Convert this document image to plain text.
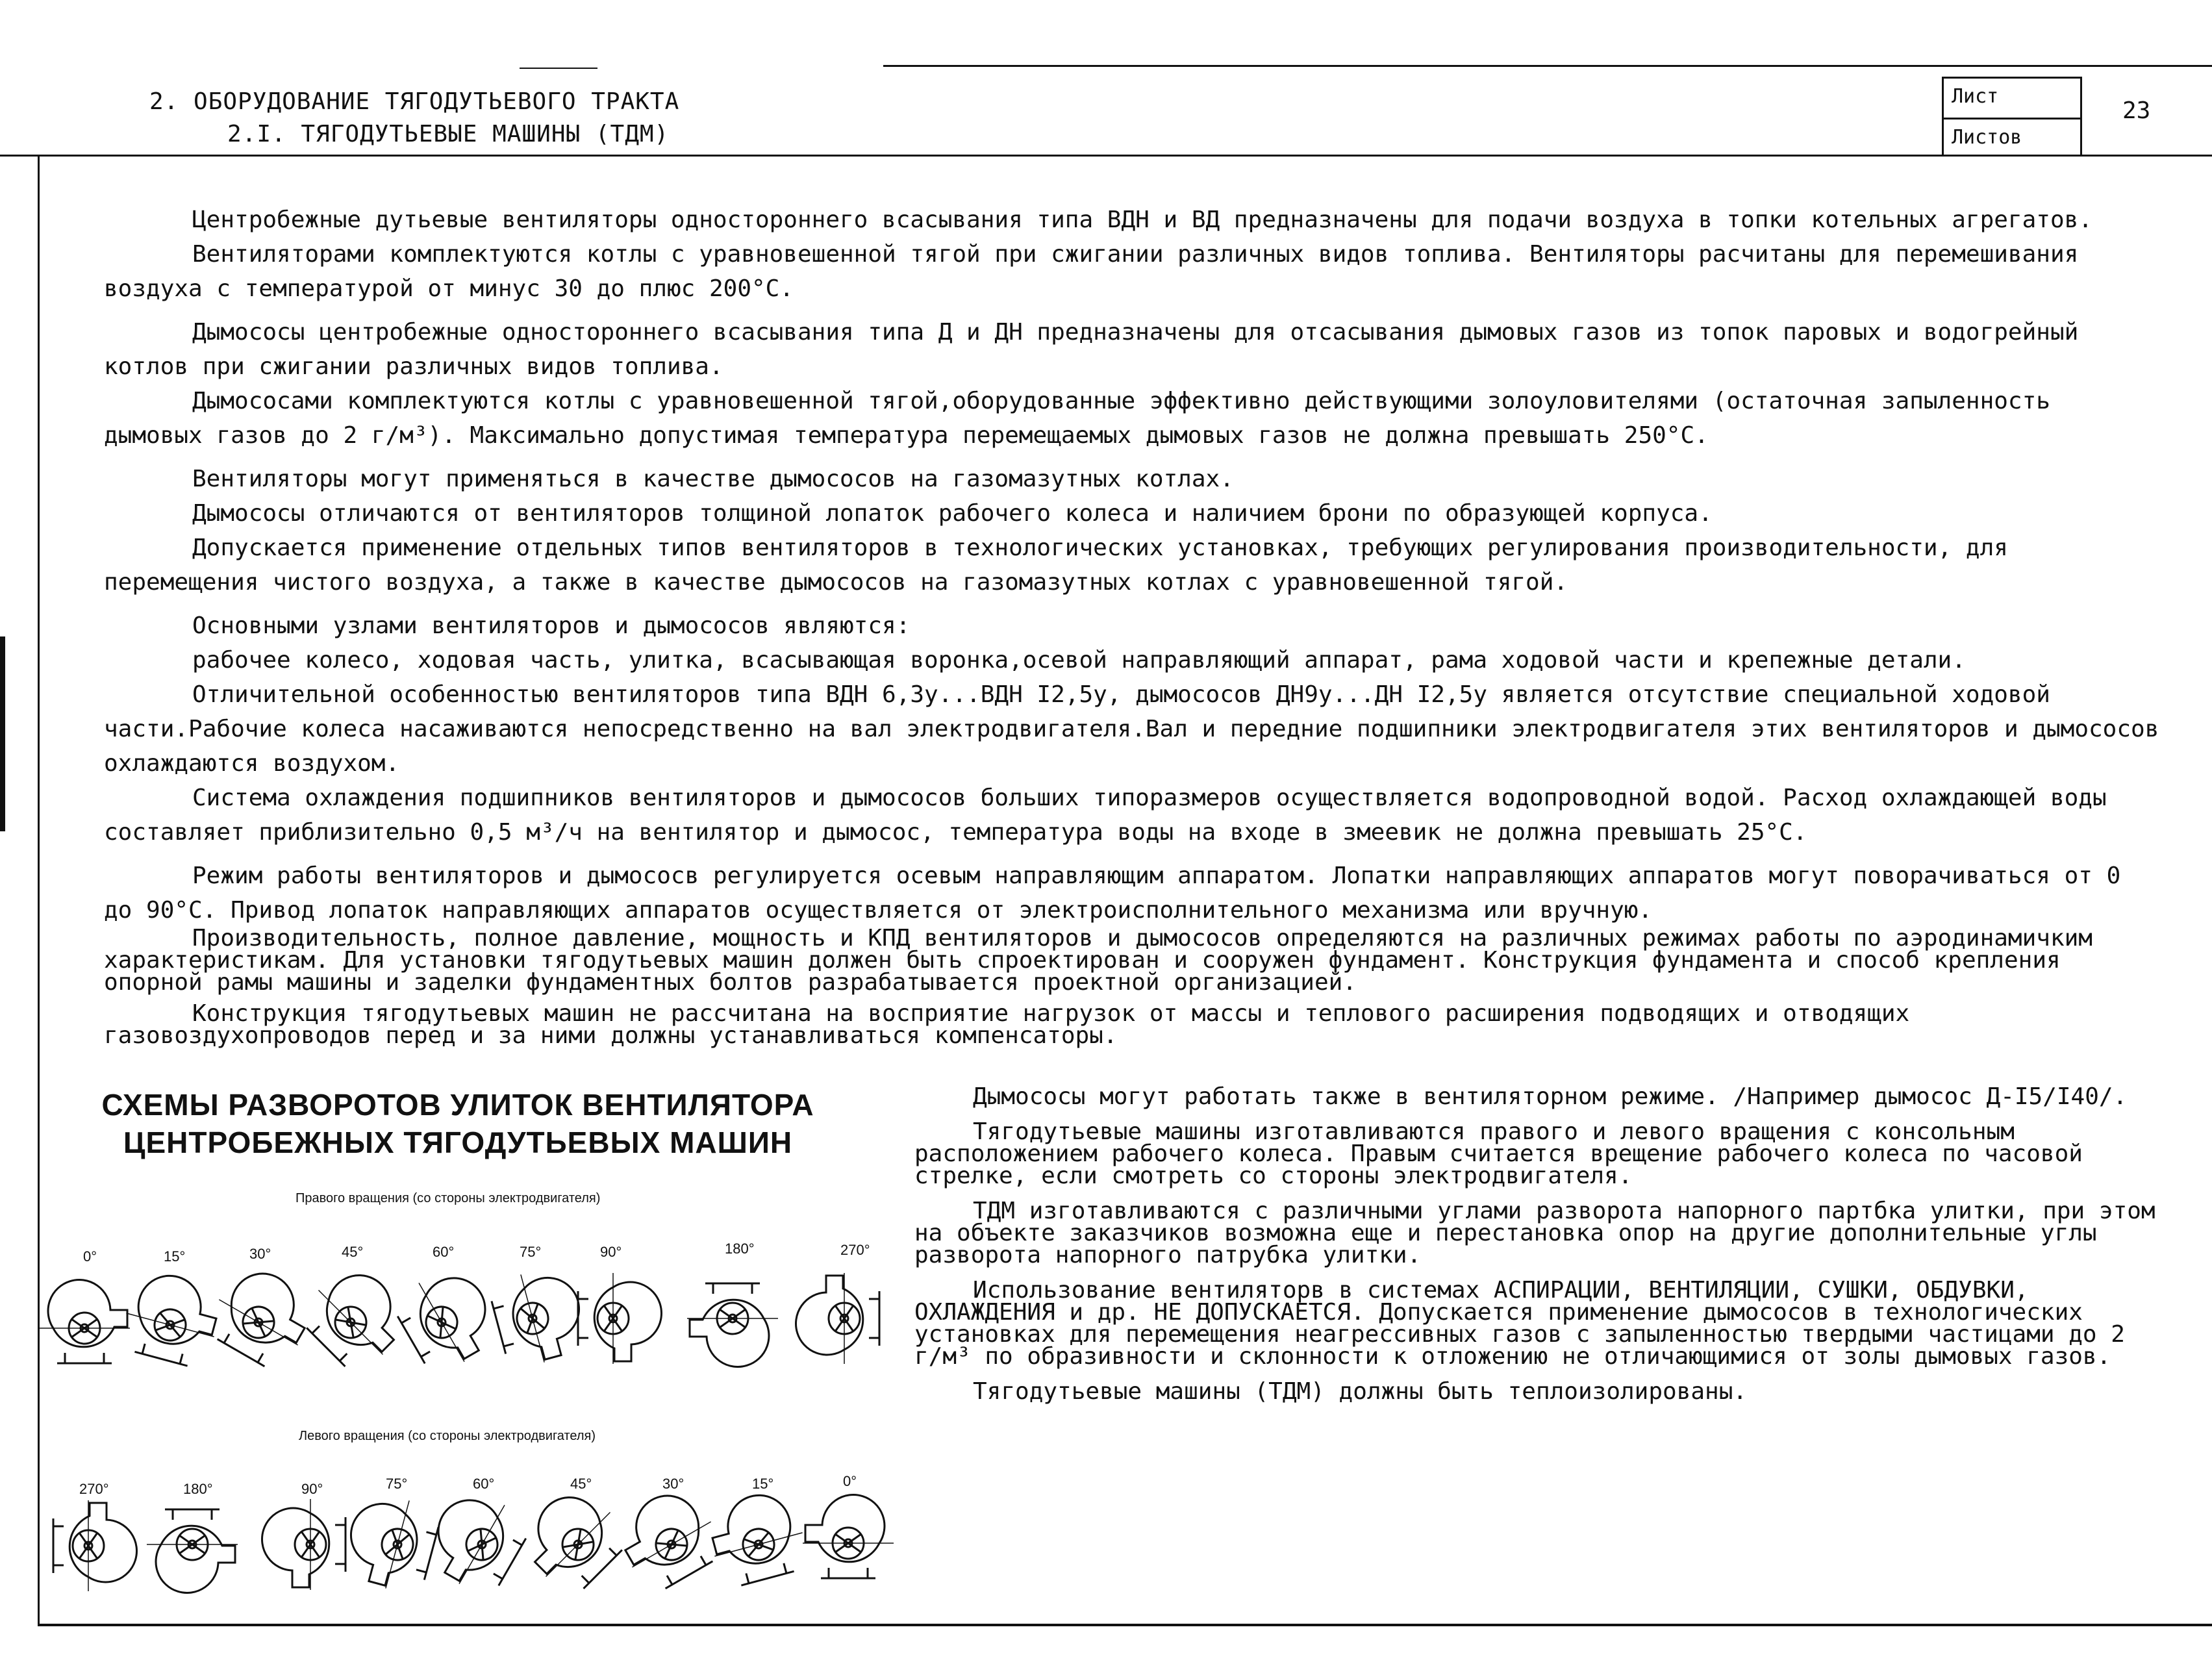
2. ОБОРУДОВАНИЕ ТЯГОДУТЬЕВОГО ТРАКТА
2.I. ТЯГОДУТЬЕВЫЕ МАШИНЫ (ТДМ)
Лист
Листов
23

Центробежные дутьевые вентиляторы одностороннего всасывания типа ВДН и ВД предназначены для подачи воздуха в топки котельных агрегатов.

Вентиляторами комплектуются котлы с уравновешенной тягой при сжигании различных видов топлива. Вентиляторы расчитаны для перемешивания воздуха с температурой от минус 30 до плюс 200°С.

Дымососы центробежные одностороннего всасывания типа Д и ДН предназначены для отсасывания дымовых газов из топок паровых и водогрейный котлов при сжигании различных видов топлива.

Дымососами комплектуются котлы с уравновешенной тягой,оборудованные эффективно действующими золоуловителями (остаточная запыленность дымовых газов до 2 г/м³). Максимально допустимая температура перемещаемых дымовых газов не должна превышать 250°С.

Вентиляторы могут применяться в качестве дымососов на газомазутных котлах.

Дымососы отличаются от вентиляторов толщиной лопаток рабочего колеса и наличием брони по образующей корпуса.

Допускается применение отдельных типов вентиляторов в технологических установках, требующих регулирования производительности, для перемещения чистого воздуха, а также в качестве дымососов на газомазутных котлах с уравновешенной тягой.

Основными узлами вентиляторов и дымососов являются:

рабочее колесо, ходовая часть, улитка, всасывающая воронка,осевой направляющий аппарат, рама ходовой части и крепежные детали.

Отличительной особенностью вентиляторов типа ВДН 6,3у...ВДН I2,5у, дымососов ДН9у...ДН I2,5у является отсутствие специальной ходовой части.Рабочие колеса насаживаются непосредственно на вал электродвигателя.Вал и передние подшипники электродвигателя этих вентиляторов и дымососов охлаждаются воздухом.

Система охлаждения подшипников вентиляторов и дымососов больших типоразмеров осуществляется водопроводной водой. Расход охлаждающей воды составляет приблизительно 0,5 м³/ч на вентилятор и дымосос, температура воды на входе в змеевик не должна превышать 25°С.

Режим работы вентиляторов и дымососв регулируется осевым направляющим аппаратом. Лопатки направляющих аппаратов могут поворачиваться от 0 до 90°С. Привод лопаток направляющих аппаратов осуществляется от электроисполнительного механизма или вручную.

Производительность, полное давление, мощность и КПД вентиляторов и дымососов определяются на различных режимах работы по аэродинамичким характеристикам. Для установки тягодутьевых машин должен быть спроектирован и сооружен фундамент. Конструкция фундамента и способ крепления опорной рамы машины и заделки фундаментных болтов разрабатывается проектной организацией.

Конструкция тягодутьевых машин не рассчитана на восприятие нагрузок от массы и теплового расширения подводящих и отводящих газовоздухопроводов перед и за ними должны устанавливаться компенсаторы.

Дымососы могут работать также в вентиляторном режиме. /Например дымосос Д-I5/I40/.

Тягодутьевые машины изготавливаются правого и левого вращения с консольным расположением рабочего колеса. Правым считается врещение рабочего колеса по часовой стрелке, если смотреть со стороны электродвигателя.

ТДМ изготавливаются с различными углами разворота напорного партбка улитки, при этом на объекте заказчиков возможна еще и перестановка опор на другие дополнительные углы разворота напорного патрубка улитки.

Использование вентиляторв в системах АСПИРАЦИИ, ВЕНТИЛЯЦИИ, СУШКИ, ОБДУВКИ, ОХЛАЖДЕНИЯ и др. НЕ ДОПУСКАЕТСЯ. Допускается применение дымососов в технологических установках для перемещения неагрессивных газов с запыленностью твердыми частицами до 2 г/м³ по образивности и склонности к отложению не отличающимися от золы дымовых газов.

Тягодутьевые машины (ТДМ) должны быть теплоизолированы.

СХЕМЫ РАЗВОРОТОВ УЛИТОК ВЕНТИЛЯТОРА
ЦЕНТРОБЕЖНЫХ ТЯГОДУТЬЕВЫХ МАШИН
Правого вращения (со стороны электродвигателя)
Левого вращения (со стороны электродвигателя)
0°	15°	30°	45°	60°	75°	90°	180°	270°
270°	180°	90°	75°	60°	45°	30°	15°	0°
